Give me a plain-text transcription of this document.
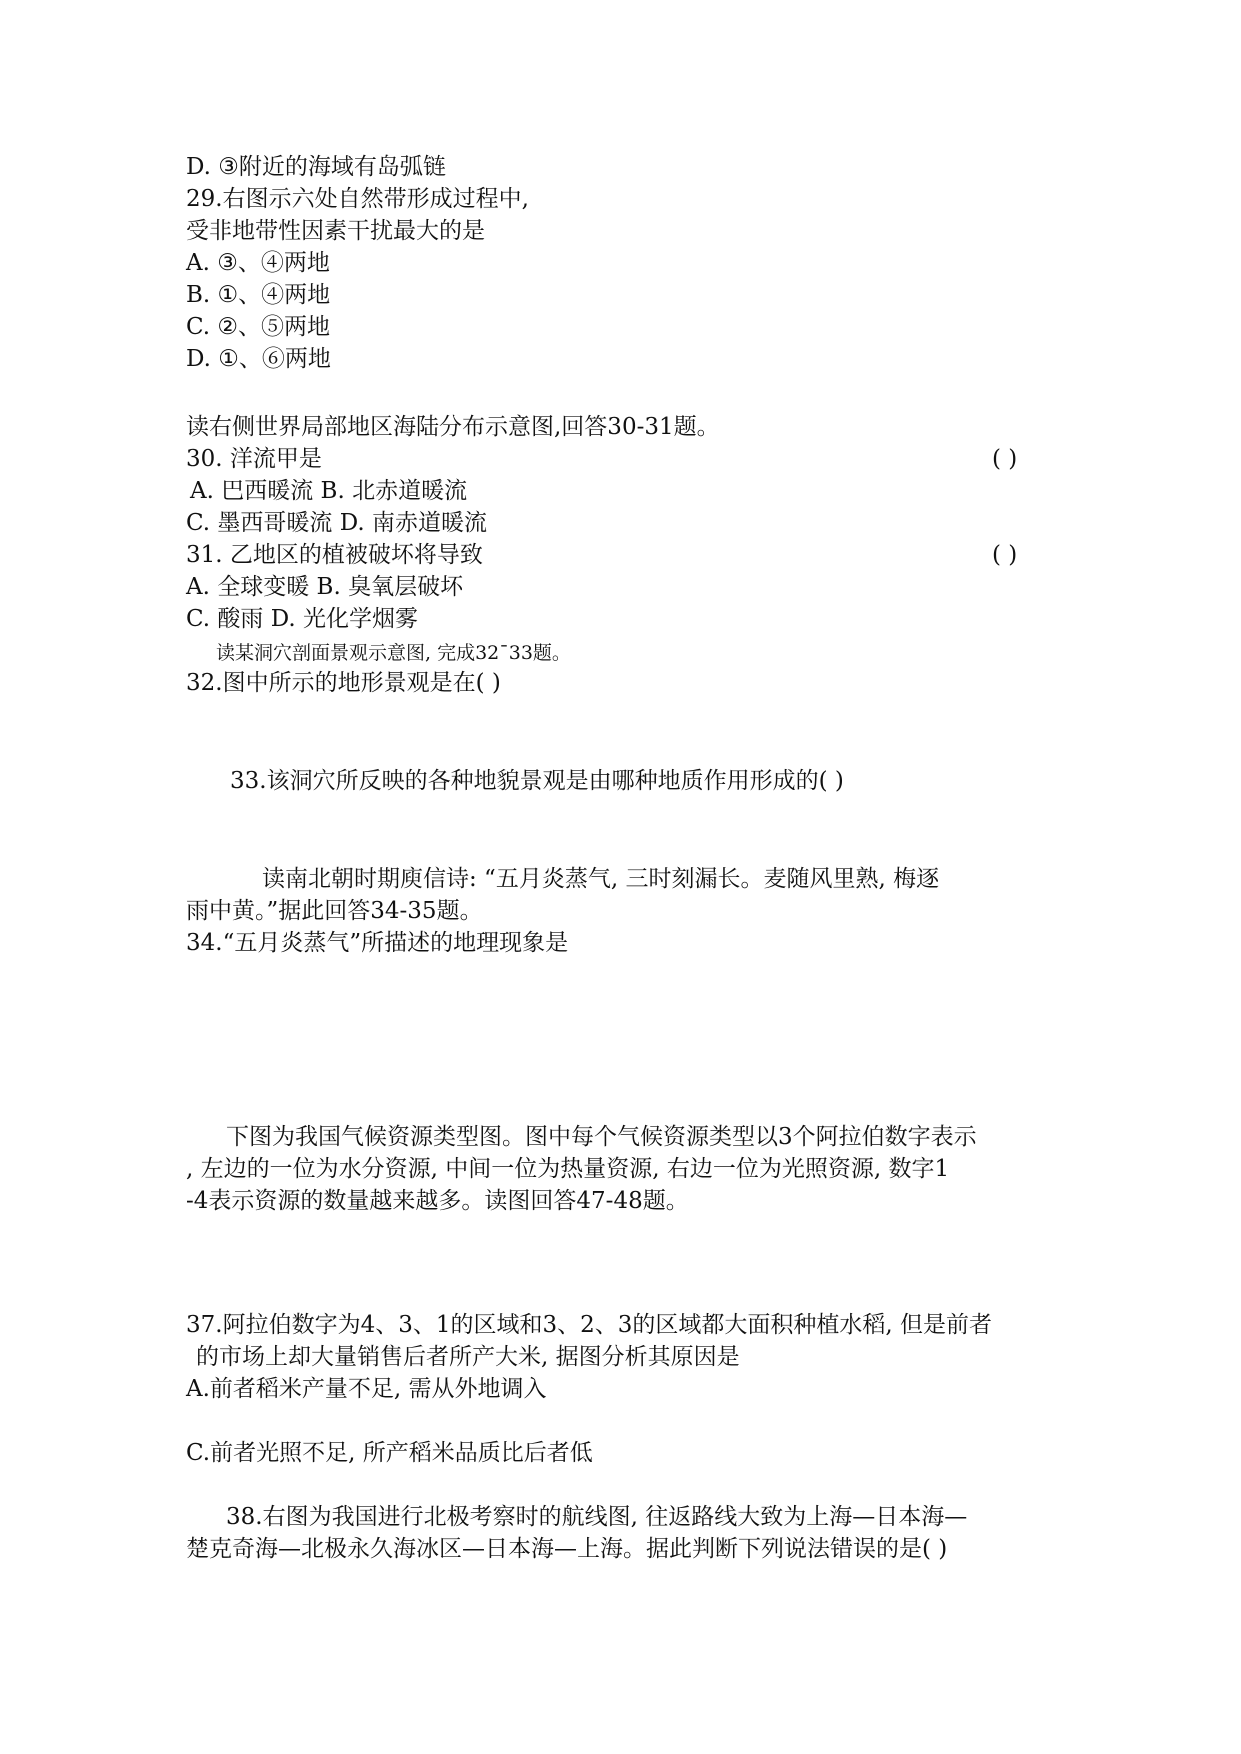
D. ③附近的海域有岛弧链
29.右图示六处自然带形成过程中,
受非地带性因素干扰最大的是
A. ③、④两地
B. ①、④两地
C. ②、⑤两地
D. ①、⑥两地
读右侧世界局部地区海陆分布示意图,回答30-31题。
30. 洋流甲是	( )
A. 巴西暖流 B. 北赤道暖流
C. 墨西哥暖流 D. 南赤道暖流
31. 乙地区的植被破坏将导致	( )
A. 全球变暖 B. 臭氧层破坏
C. 酸雨 D. 光化学烟雾
读某洞穴剖面景观示意图, 完成32¯33题。
32.图中所示的地形景观是在( )
33.该洞穴所反映的各种地貌景观是由哪种地质作用形成的( )
读南北朝时期庾信诗: “五月炎蒸气, 三时刻漏长。麦随风里熟, 梅逐
雨中黄。”据此回答34-35题。
34.“五月炎蒸气”所描述的地理现象是
下图为我国气候资源类型图。图中每个气候资源类型以3个阿拉伯数字表示
, 左边的一位为水分资源, 中间一位为热量资源, 右边一位为光照资源, 数字1
-4表示资源的数量越来越多。读图回答47-48题。
37.阿拉伯数字为4、3、1的区域和3、2、3的区域都大面积种植水稻, 但是前者
的市场上却大量销售后者所产大米, 据图分析其原因是
A.前者稻米产量不足, 需从外地调入
C.前者光照不足, 所产稻米品质比后者低
38.右图为我国进行北极考察时的航线图, 往返路线大致为上海—日本海—
楚克奇海—北极永久海冰区—日本海—上海。据此判断下列说法错误的是( )
